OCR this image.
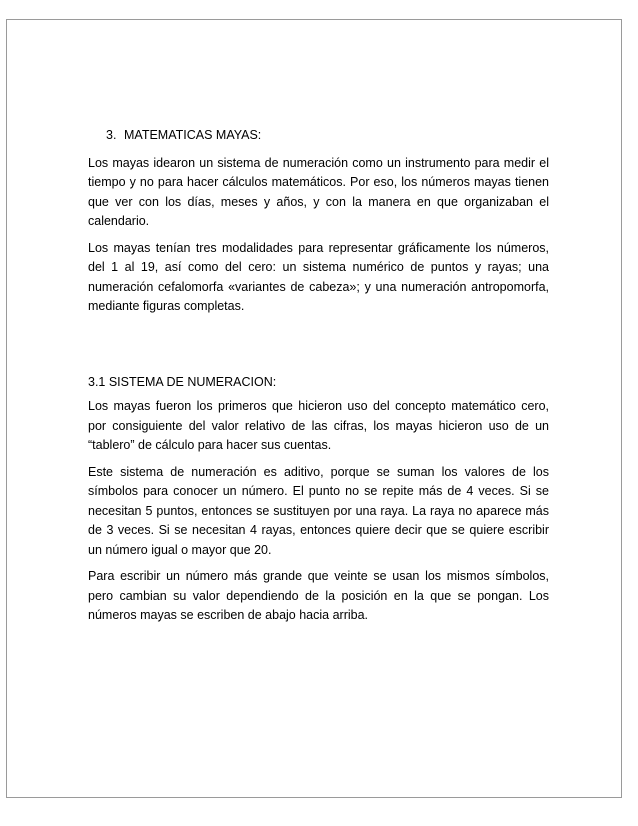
3. MATEMATICAS MAYAS:

Los mayas idearon un sistema de numeración como un instrumento para medir el tiempo y no para hacer cálculos matemáticos. Por eso, los números mayas tienen que ver con los días, meses y años, y con la manera en que organizaban el calendario.

Los mayas tenían tres modalidades para representar gráficamente los números, del 1 al 19, así como del cero: un sistema numérico de puntos y rayas; una numeración cefalomorfa «variantes de cabeza»; y una numeración antropomorfa, mediante figuras completas.

3.1 SISTEMA DE NUMERACION:

Los mayas fueron los primeros que hicieron uso del concepto matemático cero, por consiguiente del valor relativo de las cifras, los mayas hicieron uso de un “tablero” de cálculo para hacer sus cuentas.

Este sistema de numeración es aditivo, porque se suman los valores de los símbolos para conocer un número. El punto no se repite más de 4 veces. Si se necesitan 5 puntos, entonces se sustituyen por una raya. La raya no aparece más de 3 veces. Si se necesitan 4 rayas, entonces quiere decir que se quiere escribir un número igual o mayor que 20.

Para escribir un número más grande que veinte se usan los mismos símbolos, pero cambian su valor dependiendo de la posición en la que se pongan. Los números mayas se escriben de abajo hacia arriba.
